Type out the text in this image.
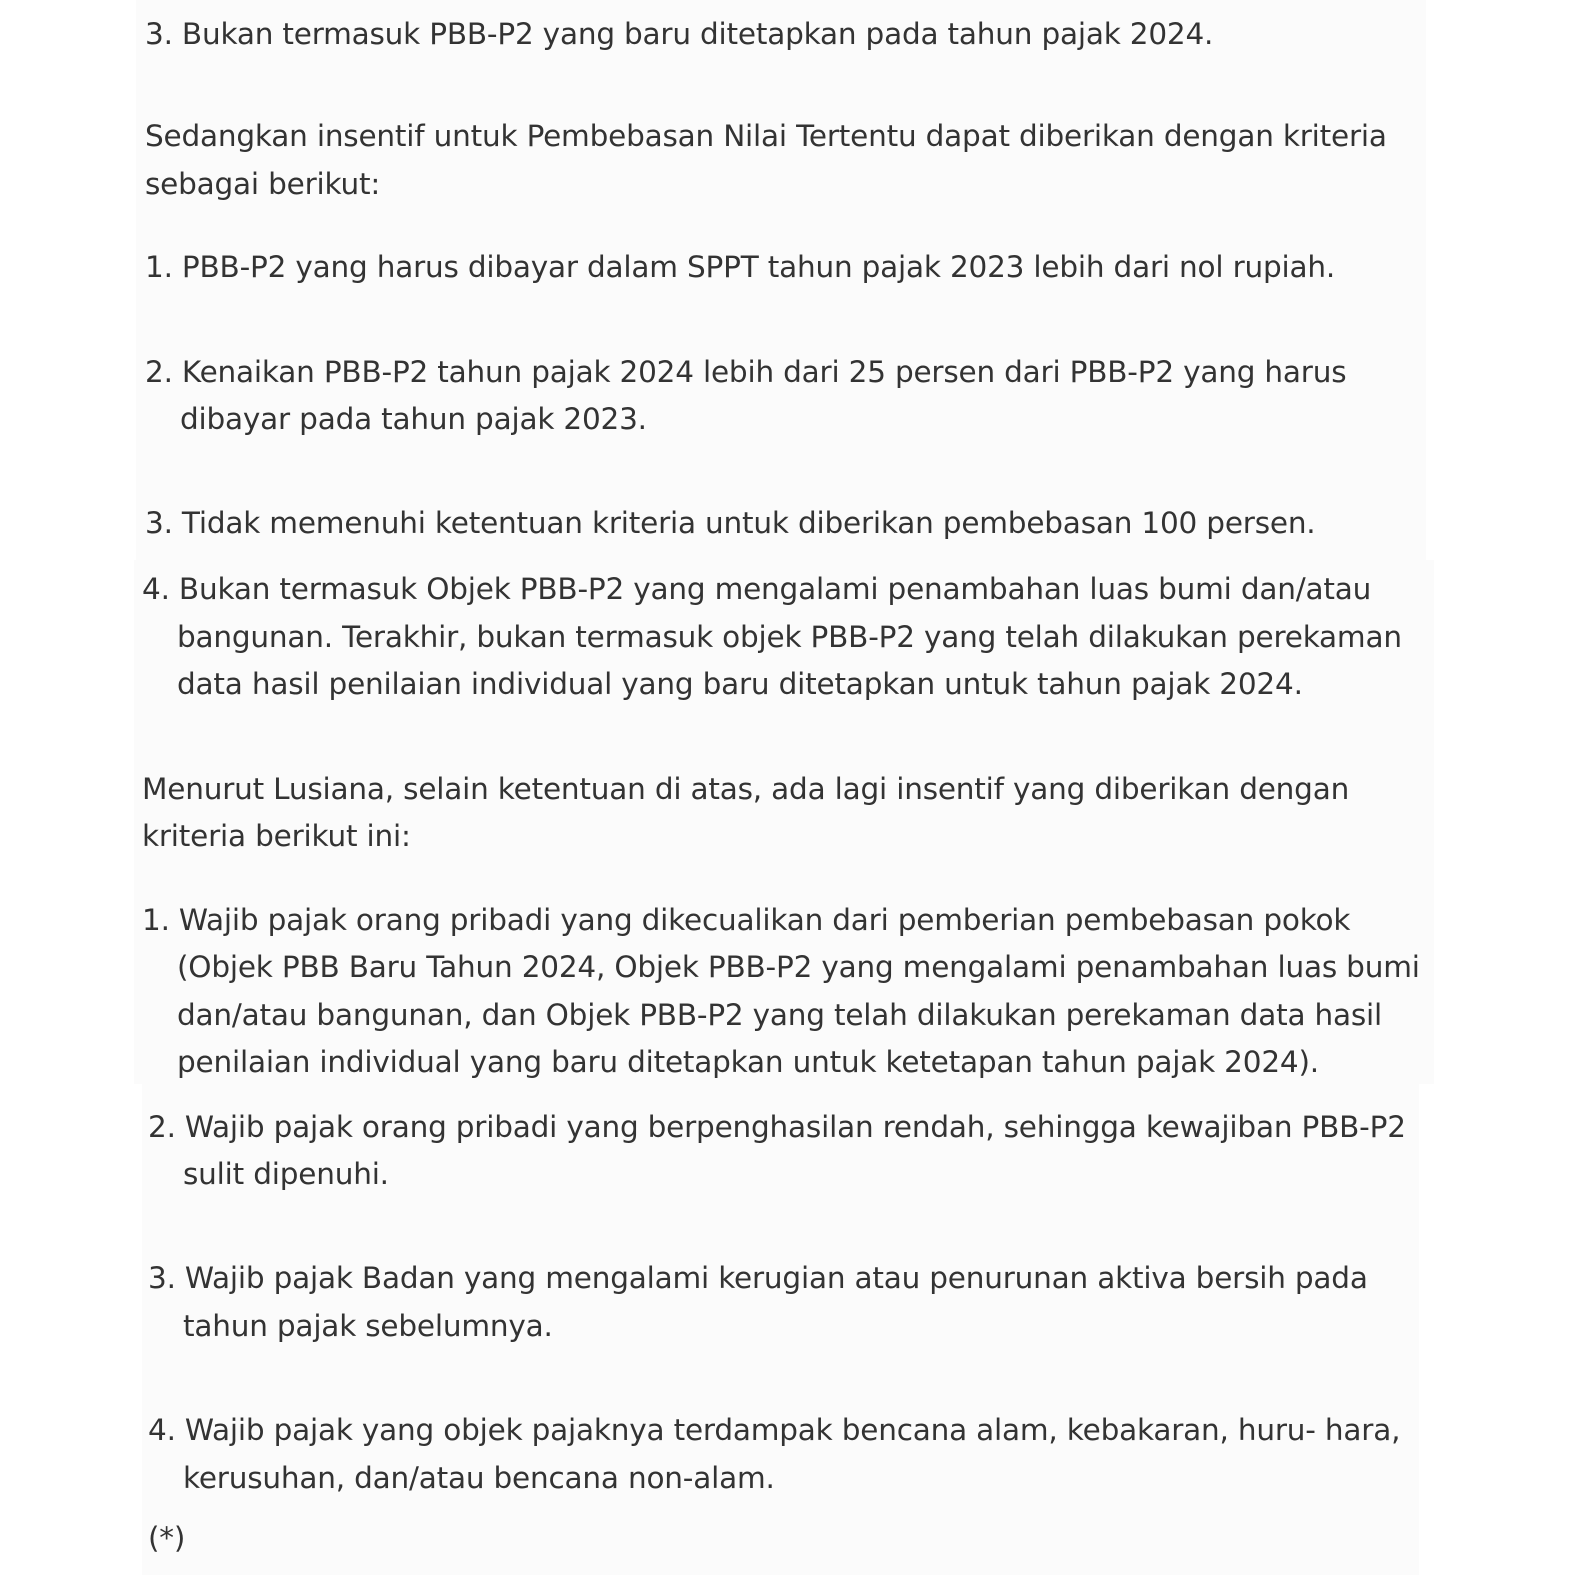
3. Bukan termasuk PBB-P2 yang baru ditetapkan pada tahun pajak 2024.

Sedangkan insentif untuk Pembebasan Nilai Tertentu dapat diberikan dengan kriteria

sebagai berikut:

1. PBB-P2 yang harus dibayar dalam SPPT tahun pajak 2023 lebih dari nol rupiah.

2. Kenaikan PBB-P2 tahun pajak 2024 lebih dari 25 persen dari PBB-P2 yang harus

dibayar pada tahun pajak 2023.

3. Tidak memenuhi ketentuan kriteria untuk diberikan pembebasan 100 persen.

4. Bukan termasuk Objek PBB-P2 yang mengalami penambahan luas bumi dan/atau

bangunan. Terakhir, bukan termasuk objek PBB-P2 yang telah dilakukan perekaman

data hasil penilaian individual yang baru ditetapkan untuk tahun pajak 2024.

Menurut Lusiana, selain ketentuan di atas, ada lagi insentif yang diberikan dengan

kriteria berikut ini:

1. Wajib pajak orang pribadi yang dikecualikan dari pemberian pembebasan pokok

(Objek PBB Baru Tahun 2024, Objek PBB-P2 yang mengalami penambahan luas bumi

dan/atau bangunan, dan Objek PBB-P2 yang telah dilakukan perekaman data hasil

penilaian individual yang baru ditetapkan untuk ketetapan tahun pajak 2024).

2. Wajib pajak orang pribadi yang berpenghasilan rendah, sehingga kewajiban PBB-P2

sulit dipenuhi.

3. Wajib pajak Badan yang mengalami kerugian atau penurunan aktiva bersih pada

tahun pajak sebelumnya.

4. Wajib pajak yang objek pajaknya terdampak bencana alam, kebakaran, huru- hara,

kerusuhan, dan/atau bencana non-alam.

(*)
